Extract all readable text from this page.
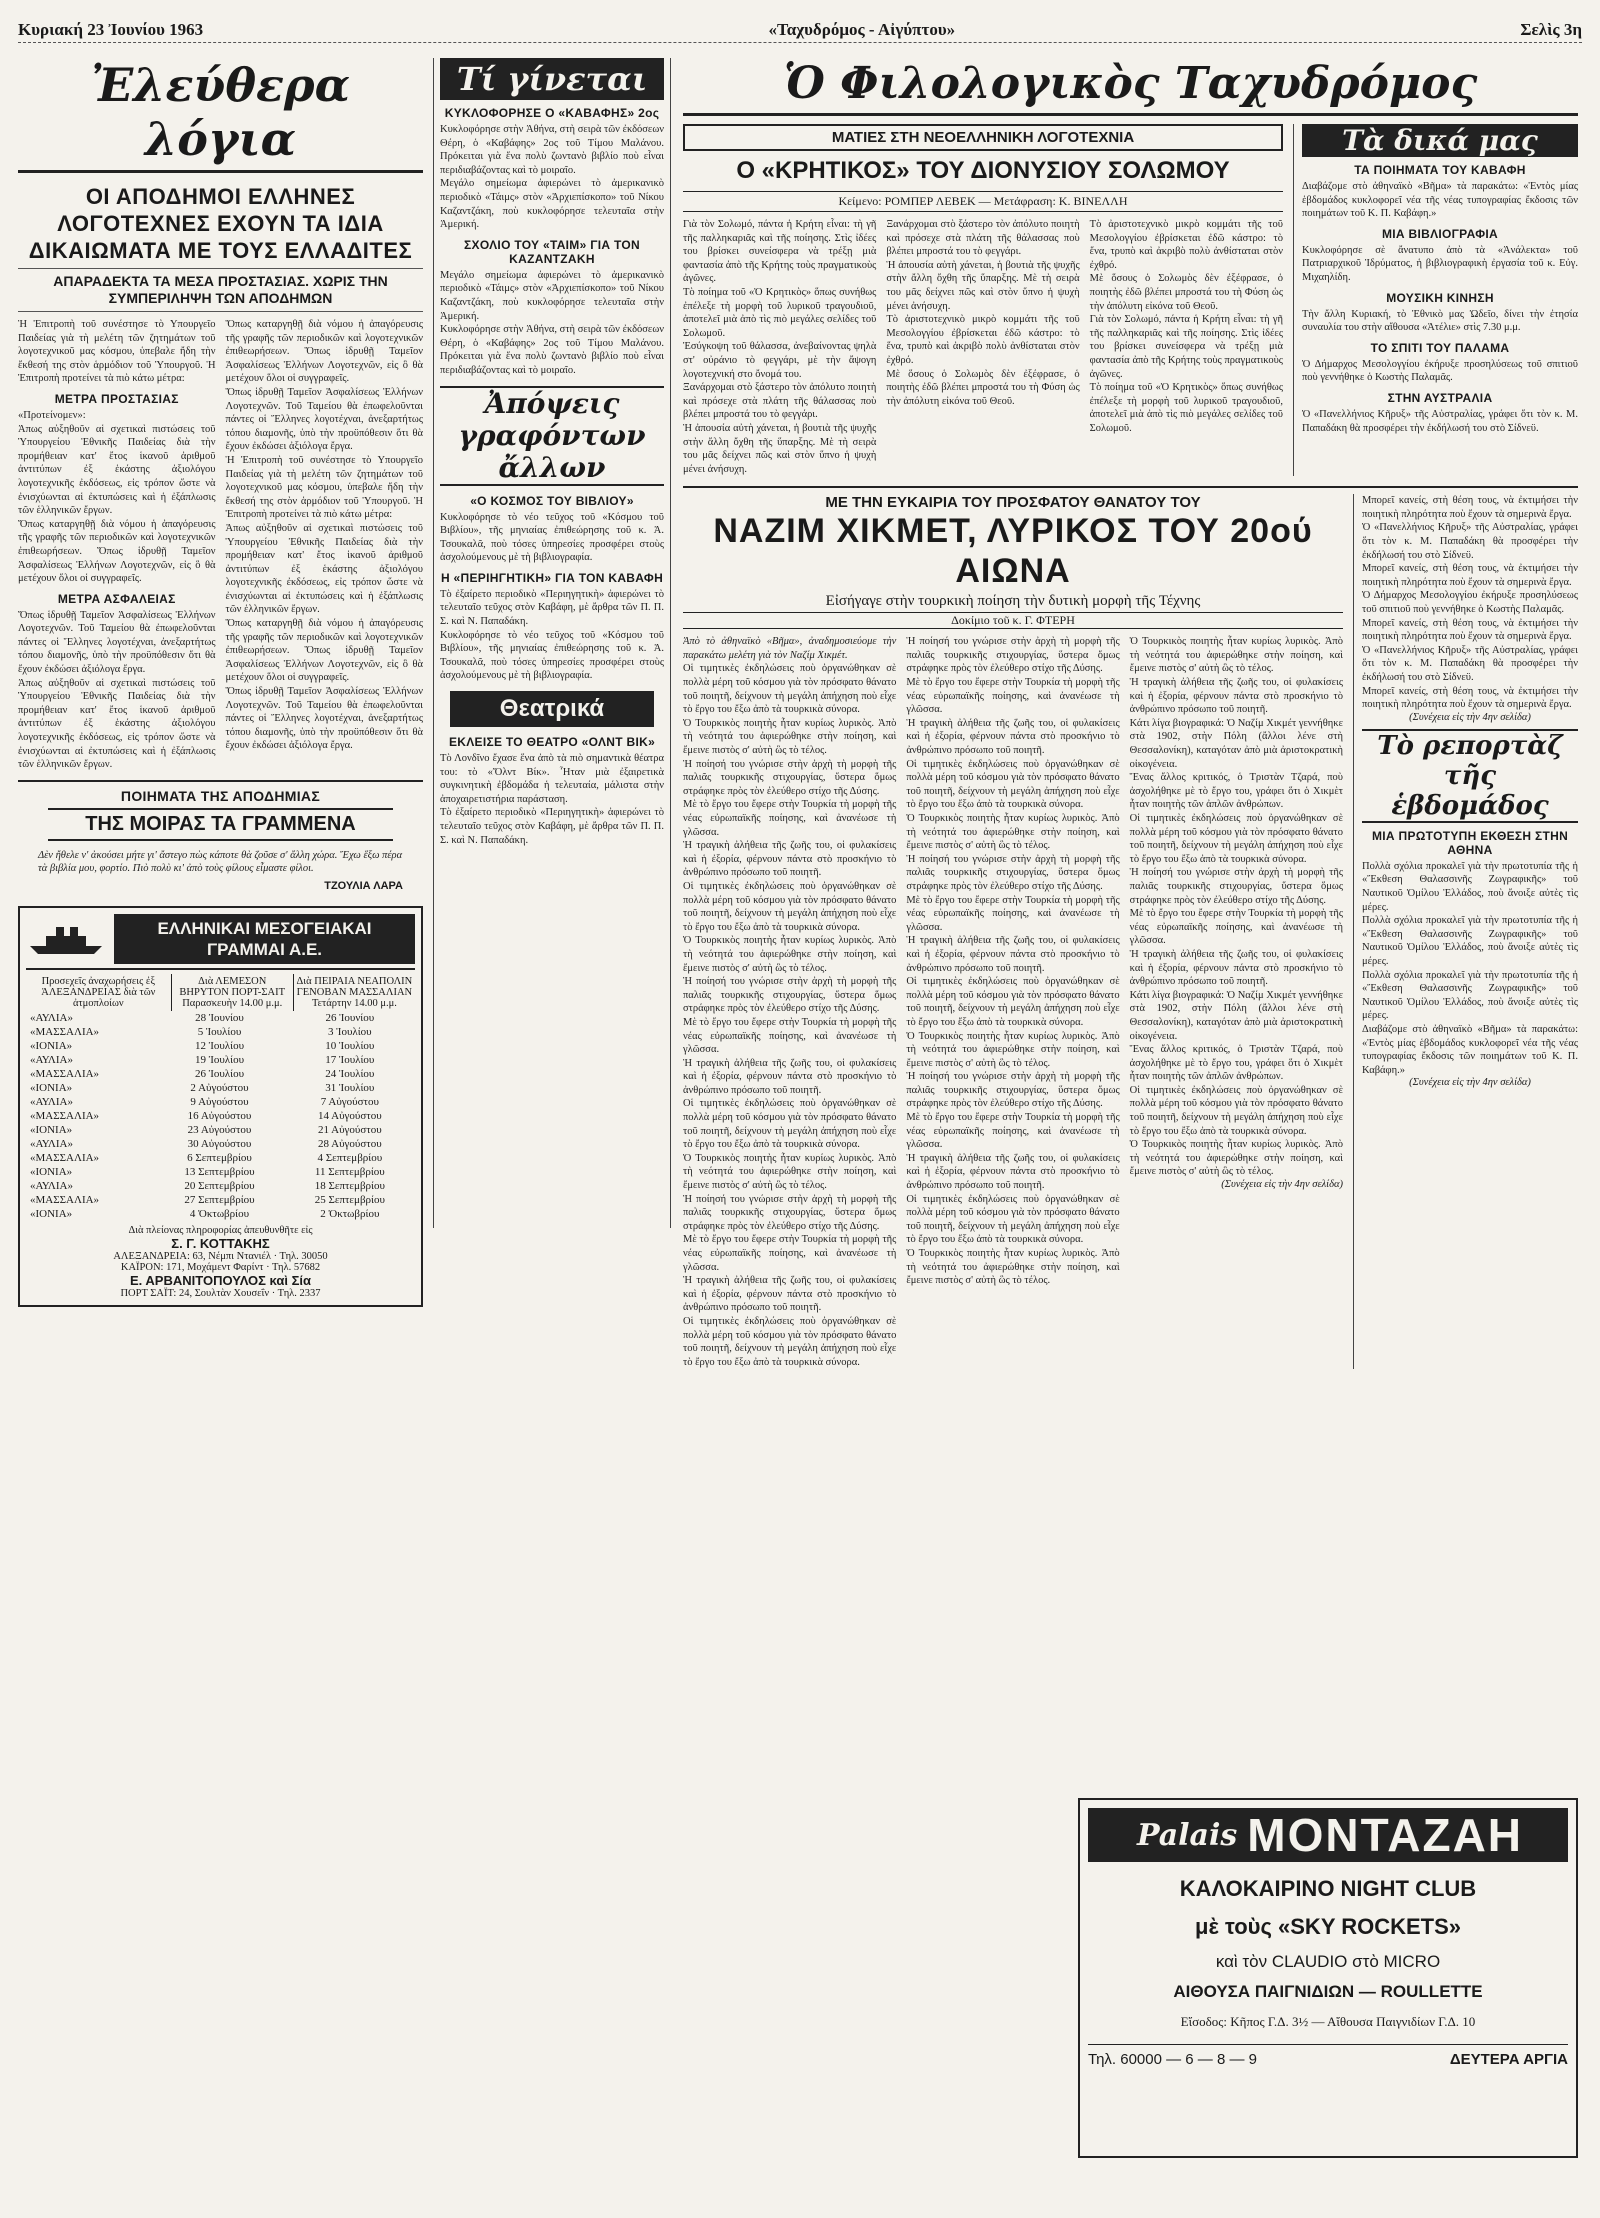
Κυριακή 23 Ἰουνίου 1963	«Ταχυδρόμος - Αἰγύπτου»	Σελὶς 3η
Ἐλεύθερα λόγια
ΟΙ ΑΠΟΔΗΜΟΙ ΕΛΛΗΝΕΣ ΛΟΓΟΤΕΧΝΕΣ ΕΧΟΥΝ ΤΑ ΙΔΙΑ ΔΙΚΑΙΩΜΑΤΑ ΜΕ ΤΟΥΣ ΕΛΛΑΔΙΤΕΣ
ΑΠΑΡΑΔΕΚΤΑ ΤΑ ΜΕΣΑ ΠΡΟΣΤΑΣΙΑΣ. ΧΩΡΙΣ ΤΗΝ ΣΥΜΠΕΡΙΛΗΨΗ ΤΩΝ ΑΠΟΔΗΜΩΝ

Ἡ Ἐπιτροπὴ τοῦ συνέστησε τὸ Υπουργεῖο Παιδείας γιὰ τὴ μελέτη τῶν ζητημάτων τοῦ λογοτεχνικοῦ μας κόσμου, ὑπεβαλε ἤδη τὴν ἔκθεσή της στὸν ἁρμόδιον τοῦ Ὑπουργοῦ. Ἡ Ἐπιτροπὴ προτείνει τὰ πιὸ κάτω μέτρα:

ΜΕΤΡΑ ΠΡΟΣΤΑΣΙΑΣ

«Προτείνομεν»:

Ἀπως αὐξηθοῦν αἱ σχετικαὶ πιστώσεις τοῦ Ὑπουργείου Ἐθνικῆς Παιδείας διὰ τὴν προμήθειαν κατ' ἔτος ἱκανοῦ ἀριθμοῦ ἀντιτύπων ἐξ ἑκάστης ἀξιολόγου λογοτεχνικῆς ἐκδόσεως, εἰς τρόπον ὥστε νὰ ἐνισχύωνται αἱ ἐκτυπώσεις καὶ ἡ ἐξάπλωσις τῶν ἑλληνικῶν ἔργων.

Ὅπως καταργηθῇ διὰ νόμου ἡ ἀπαγόρευσις τῆς γραφῆς τῶν περιοδικῶν καὶ λογοτεχνικῶν ἐπιθεωρήσεων. Ὅπως ἱδρυθῇ Ταμεῖον Ἀσφαλίσεως Ἑλλήνων Λογοτεχνῶν, εἰς ὃ θὰ μετέχουν ὅλοι οἱ συγγραφεῖς.

ΜΕΤΡΑ ΑΣΦΑΛΕΙΑΣ

Ὅπως ἱδρυθῇ Ταμεῖον Ἀσφαλίσεως Ἑλλήνων Λογοτεχνῶν. Τοῦ Ταμείου θὰ ἐπωφελοῦνται πάντες οἱ Ἕλληνες λογοτέχναι, ἀνεξαρτήτως τόπου διαμονῆς, ὑπὸ τὴν προϋπόθεσιν ὅτι θὰ ἔχουν ἐκδώσει ἀξιόλογα ἔργα.

Ἀπως αὐξηθοῦν αἱ σχετικαὶ πιστώσεις τοῦ Ὑπουργείου Ἐθνικῆς Παιδείας διὰ τὴν προμήθειαν κατ' ἔτος ἱκανοῦ ἀριθμοῦ ἀντιτύπων ἐξ ἑκάστης ἀξιολόγου λογοτεχνικῆς ἐκδόσεως, εἰς τρόπον ὥστε νὰ ἐνισχύωνται αἱ ἐκτυπώσεις καὶ ἡ ἐξάπλωσις τῶν ἑλληνικῶν ἔργων.

Ὅπως καταργηθῇ διὰ νόμου ἡ ἀπαγόρευσις τῆς γραφῆς τῶν περιοδικῶν καὶ λογοτεχνικῶν ἐπιθεωρήσεων. Ὅπως ἱδρυθῇ Ταμεῖον Ἀσφαλίσεως Ἑλλήνων Λογοτεχνῶν, εἰς ὃ θὰ μετέχουν ὅλοι οἱ συγγραφεῖς.

Ὅπως ἱδρυθῇ Ταμεῖον Ἀσφαλίσεως Ἑλλήνων Λογοτεχνῶν. Τοῦ Ταμείου θὰ ἐπωφελοῦνται πάντες οἱ Ἕλληνες λογοτέχναι, ἀνεξαρτήτως τόπου διαμονῆς, ὑπὸ τὴν προϋπόθεσιν ὅτι θὰ ἔχουν ἐκδώσει ἀξιόλογα ἔργα.

Ἡ Ἐπιτροπὴ τοῦ συνέστησε τὸ Υπουργεῖο Παιδείας γιὰ τὴ μελέτη τῶν ζητημάτων τοῦ λογοτεχνικοῦ μας κόσμου, ὑπεβαλε ἤδη τὴν ἔκθεσή της στὸν ἁρμόδιον τοῦ Ὑπουργοῦ. Ἡ Ἐπιτροπὴ προτείνει τὰ πιὸ κάτω μέτρα:

Ἀπως αὐξηθοῦν αἱ σχετικαὶ πιστώσεις τοῦ Ὑπουργείου Ἐθνικῆς Παιδείας διὰ τὴν προμήθειαν κατ' ἔτος ἱκανοῦ ἀριθμοῦ ἀντιτύπων ἐξ ἑκάστης ἀξιολόγου λογοτεχνικῆς ἐκδόσεως, εἰς τρόπον ὥστε νὰ ἐνισχύωνται αἱ ἐκτυπώσεις καὶ ἡ ἐξάπλωσις τῶν ἑλληνικῶν ἔργων.

Ὅπως καταργηθῇ διὰ νόμου ἡ ἀπαγόρευσις τῆς γραφῆς τῶν περιοδικῶν καὶ λογοτεχνικῶν ἐπιθεωρήσεων. Ὅπως ἱδρυθῇ Ταμεῖον Ἀσφαλίσεως Ἑλλήνων Λογοτεχνῶν, εἰς ὃ θὰ μετέχουν ὅλοι οἱ συγγραφεῖς.

Ὅπως ἱδρυθῇ Ταμεῖον Ἀσφαλίσεως Ἑλλήνων Λογοτεχνῶν. Τοῦ Ταμείου θὰ ἐπωφελοῦνται πάντες οἱ Ἕλληνες λογοτέχναι, ἀνεξαρτήτως τόπου διαμονῆς, ὑπὸ τὴν προϋπόθεσιν ὅτι θὰ ἔχουν ἐκδώσει ἀξιόλογα ἔργα.

ΠΟΙΗΜΑΤΑ ΤΗΣ ΑΠΟΔΗΜΙΑΣ
ΤΗΣ ΜΟΙΡΑΣ ΤΑ ΓΡΑΜΜΕΝΑ

Δὲν ἤθελε ν' ἀκούσει μήτε γι' ἄστεγο πὼς κάποτε θὰ ζοῦσε σ' ἄλλη χώρα. Ἔχω ἕξω πέρα τὰ βιβλία μου, φορτίο. Πιὸ πολὺ κι' ἀπὸ τοὺς φίλους εἶμαστε φίλοι.

ΤΖΟΥΛΙΑ ΛΑΡΑ
ΕΛΛΗΝΙΚΑΙ ΜΕΣΟΓΕΙΑΚΑΙ ΓΡΑΜΜΑΙ Α.Ε.
Προσεχεῖς ἀναχωρήσεις ἐξ ἈΛΕΞΑΝΔΡΕΙΑΣ διὰ τῶν ἀτμοπλοίων
Διὰ ΛΕΜΕΣΟΝ ΒΗΡΥΤΟΝ ΠΟΡΤ-ΣΑΙΤ Παρασκευὴν 14.00 μ.μ.
Διὰ ΠΕΙΡΑΙΑ ΝΕΑΠΟΛΙΝ ΓΕΝΟΒΑΝ ΜΑΣΣΑΛΙΑΝ Τετάρτην 14.00 μ.μ.
«ΑΥΛΙΑ»	28 Ἰουνίου	26 Ἰουνίου
«ΜΑΣΣΑΛΙΑ»	5 Ἰουλίου	3 Ἰουλίου
«ΙΟΝΙΑ»	12 Ἰουλίου	10 Ἰουλίου
«ΑΥΛΙΑ»	19 Ἰουλίου	17 Ἰουλίου
«ΜΑΣΣΑΛΙΑ»	26 Ἰουλίου	24 Ἰουλίου
«ΙΟΝΙΑ»	2 Αὐγούστου	31 Ἰουλίου
«ΑΥΛΙΑ»	9 Αὐγούστου	7 Αὐγούστου
«ΜΑΣΣΑΛΙΑ»	16 Αὐγούστου	14 Αὐγούστου
«ΙΟΝΙΑ»	23 Αὐγούστου	21 Αὐγούστου
«ΑΥΛΙΑ»	30 Αὐγούστου	28 Αὐγούστου
«ΜΑΣΣΑΛΙΑ»	6 Σεπτεμβρίου	4 Σεπτεμβρίου
«ΙΟΝΙΑ»	13 Σεπτεμβρίου	11 Σεπτεμβρίου
«ΑΥΛΙΑ»	20 Σεπτεμβρίου	18 Σεπτεμβρίου
«ΜΑΣΣΑΛΙΑ»	27 Σεπτεμβρίου	25 Σεπτεμβρίου
«ΙΟΝΙΑ»	4 Ὀκτωβρίου	2 Ὀκτωβρίου
Διὰ πλείονας πληροφορίας ἀπευθυνθῆτε εἰς
Σ. Γ. ΚΟΤΤΑΚΗΣ
ΑΛΕΞΑΝΔΡΕΙΑ: 63, Νέμπι Ντανιέλ · Τηλ. 30050
ΚΑΪΡΟΝ: 171, Μοχάμεντ Φαρίντ · Τηλ. 57682
Ε. ΑΡΒΑΝΙΤΟΠΟΥΛΟΣ καὶ Σία
ΠΟΡΤ ΣΑΪΤ: 24, Σουλτὰν Χουσεΐν · Τηλ. 2337
Τί γίνεται
ΚΥΚΛΟΦΟΡΗΣΕ Ο «ΚΑΒΑΦΗΣ» 2ος

Κυκλοφόρησε στὴν Ἀθήνα, στὴ σειρὰ τῶν ἐκδόσεων Θέρη, ὁ «Καβάφης» 2ος τοῦ Τίμου Μαλάνου. Πρόκειται γιὰ ἕνα πολὺ ζωντανὸ βιβλίο ποὺ εἶναι περιδιαβάζοντας καὶ τὸ μοιραῖο.

Μεγάλο σημείωμα ἀφιερώνει τὸ ἀμερικανικὸ περιοδικὸ «Τάιμς» στὸν «Ἀρχιεπίσκοπο» τοῦ Νίκου Καζαντζάκη, ποὺ κυκλοφόρησε τελευταῖα στὴν Ἀμερική.

ΣΧΟΛΙΟ ΤΟΥ «ΤΑΙΜ» ΓΙΑ ΤΟΝ ΚΑΖΑΝΤΖΑΚΗ

Μεγάλο σημείωμα ἀφιερώνει τὸ ἀμερικανικὸ περιοδικὸ «Τάιμς» στὸν «Ἀρχιεπίσκοπο» τοῦ Νίκου Καζαντζάκη, ποὺ κυκλοφόρησε τελευταῖα στὴν Ἀμερική.

Κυκλοφόρησε στὴν Ἀθήνα, στὴ σειρὰ τῶν ἐκδόσεων Θέρη, ὁ «Καβάφης» 2ος τοῦ Τίμου Μαλάνου. Πρόκειται γιὰ ἕνα πολὺ ζωντανὸ βιβλίο ποὺ εἶναι περιδιαβάζοντας καὶ τὸ μοιραῖο.

Ἀπόψεις γραφόντων ἄλλων
«Ο ΚΟΣΜΟΣ ΤΟΥ ΒΙΒΛΙΟΥ»

Κυκλοφόρησε τὸ νέο τεῦχος τοῦ «Κόσμου τοῦ Βιβλίου», τῆς μηνιαίας ἐπιθεώρησης τοῦ κ. Ἀ. Τσουκαλᾶ, ποὺ τόσες ὑπηρεσίες προσφέρει στοὺς ἀσχολούμενους μὲ τὴ βιβλιογραφία.

Η «ΠΕΡΙΗΓΗΤΙΚΗ» ΓΙΑ ΤΟΝ ΚΑΒΑΦΗ

Τὸ ἐξαίρετο περιοδικὸ «Περιηγητικὴ» ἀφιερώνει τὸ τελευταῖο τεῦχος στὸν Καβάφη, μὲ ἄρθρα τῶν Π. Π. Σ. καὶ Ν. Παπαδάκη.

Κυκλοφόρησε τὸ νέο τεῦχος τοῦ «Κόσμου τοῦ Βιβλίου», τῆς μηνιαίας ἐπιθεώρησης τοῦ κ. Ἀ. Τσουκαλᾶ, ποὺ τόσες ὑπηρεσίες προσφέρει στοὺς ἀσχολούμενους μὲ τὴ βιβλιογραφία.

Θεατρικά
ΕΚΛΕΙΣΕ ΤΟ ΘΕΑΤΡΟ «ΟΛΝΤ ΒΙΚ»

Τὸ Λονδῖνο ἔχασε ἕνα ἀπὸ τὰ πιὸ σημαντικὰ θέατρα του: τὸ «Ὄλντ Βίκ». Ἦταν μιὰ ἐξαιρετικὰ συγκινητικὴ ἐβδομάδα ἡ τελευταία, μάλιστα στὴν ἀποχαιρετιστήρια παράσταση.

Τὸ ἐξαίρετο περιοδικὸ «Περιηγητικὴ» ἀφιερώνει τὸ τελευταῖο τεῦχος στὸν Καβάφη, μὲ ἄρθρα τῶν Π. Π. Σ. καὶ Ν. Παπαδάκη.

Ὁ Φιλολογικὸς Ταχυδρόμος
ΜΑΤΙΕΣ ΣΤΗ ΝΕΟΕΛΛΗΝΙΚΗ ΛΟΓΟΤΕΧΝΙΑ
Ο «ΚΡΗΤΙΚΟΣ» ΤΟΥ ΔΙΟΝΥΣΙΟΥ ΣΟΛΩΜΟΥ
Κείμενο: ΡΟΜΠΕΡ ΛΕΒΕΚ — Μετάφραση: Κ. ΒΙΝΕΛΛΗ

Γιὰ τὸν Σολωμό, πάντα ἡ Κρήτη εἶναι: τὴ γῆ τῆς παλληκαριᾶς καὶ τῆς ποίησης. Στὶς ἰδέες του βρίσκει συνείσφερα νὰ τρέξῃ μιὰ φαντασία ἀπὸ τῆς Κρήτης τοὺς πραγματικοὺς ἀγῶνες.

Τὸ ποίημα τοῦ «Ὁ Κρητικὸς» ὅπως συνήθως ἐπέλεξε τὴ μορφὴ τοῦ λυρικοῦ τραγουδιοῦ, ἀποτελεῖ μιὰ ἀπὸ τὶς πιὸ μεγάλες σελίδες τοῦ Σολωμοῦ.

Ἐσύγκοψη τοῦ θάλασσα, ἀνεβαίνοντας ψηλὰ στ' οὐράνιο τὸ φεγγάρι, μὲ τὴν ἄψογη λογοτεχνική στο ὄνομά του.

Ξανάρχομαι στὸ ξάστερο τὸν ἀπόλυτο ποιητὴ καὶ πρόσεχε στὰ πλάτη τῆς θάλασσας ποὺ βλέπει μπροστά του τὸ φεγγάρι.

Ἡ ἀπουσία αὐτὴ χάνεται, ἡ βουτιὰ τῆς ψυχῆς στὴν ἄλλη ὄχθη τῆς ὕπαρξης. Μὲ τὴ σειρὰ του μᾶς δείχνει πῶς καὶ στὸν ὕπνο ἡ ψυχὴ μένει ἀνήσυχη.

Ξανάρχομαι στὸ ξάστερο τὸν ἀπόλυτο ποιητὴ καὶ πρόσεχε στὰ πλάτη τῆς θάλασσας ποὺ βλέπει μπροστά του τὸ φεγγάρι.

Ἡ ἀπουσία αὐτὴ χάνεται, ἡ βουτιὰ τῆς ψυχῆς στὴν ἄλλη ὄχθη τῆς ὕπαρξης. Μὲ τὴ σειρὰ του μᾶς δείχνει πῶς καὶ στὸν ὕπνο ἡ ψυχὴ μένει ἀνήσυχη.

Τὸ ἀριστοτεχνικὸ μικρὸ κομμάτι τῆς τοῦ Μεσολογγίου ἐβρίσκεται ἐδῶ κάστρο: τὸ ἕνα, τρυπὸ καὶ ἀκριβὸ πολὺ ἀνθίσταται στὸν ἐχθρό.

Μὲ ὅσους ὁ Σολωμὸς δὲν ἐξέφρασε, ὁ ποιητὴς ἐδῶ βλέπει μπροστά του τὴ Φύση ὡς τὴν ἀπόλυτη εἰκόνα τοῦ Θεοῦ.

Τὸ ἀριστοτεχνικὸ μικρὸ κομμάτι τῆς τοῦ Μεσολογγίου ἐβρίσκεται ἐδῶ κάστρο: τὸ ἕνα, τρυπὸ καὶ ἀκριβὸ πολὺ ἀνθίσταται στὸν ἐχθρό.

Μὲ ὅσους ὁ Σολωμὸς δὲν ἐξέφρασε, ὁ ποιητὴς ἐδῶ βλέπει μπροστά του τὴ Φύση ὡς τὴν ἀπόλυτη εἰκόνα τοῦ Θεοῦ.

Γιὰ τὸν Σολωμό, πάντα ἡ Κρήτη εἶναι: τὴ γῆ τῆς παλληκαριᾶς καὶ τῆς ποίησης. Στὶς ἰδέες του βρίσκει συνείσφερα νὰ τρέξῃ μιὰ φαντασία ἀπὸ τῆς Κρήτης τοὺς πραγματικοὺς ἀγῶνες.

Τὸ ποίημα τοῦ «Ὁ Κρητικὸς» ὅπως συνήθως ἐπέλεξε τὴ μορφὴ τοῦ λυρικοῦ τραγουδιοῦ, ἀποτελεῖ μιὰ ἀπὸ τὶς πιὸ μεγάλες σελίδες τοῦ Σολωμοῦ.

Τὰ δικά μας
ΤΑ ΠΟΙΗΜΑΤΑ ΤΟΥ ΚΑΒΑΦΗ

Διαβάζομε στὸ ἀθηναϊκὸ «Βῆμα» τὰ παρακάτω: «Ἐντὸς μίας ἑβδομάδος κυκλοφορεῖ νέα τῆς νέας τυπογραφίας ἔκδοσις τῶν ποιημάτων τοῦ Κ. Π. Καβάφη.»

ΜΙΑ ΒΙΒΛΙΟΓΡΑΦΙΑ

Κυκλοφόρησε σὲ ἄνατυπο ἀπὸ τὰ «Ἀνάλεκτα» τοῦ Πατριαρχικοῦ Ἱδρύματος, ἡ βιβλιογραφικὴ ἐργασία τοῦ κ. Εὐγ. Μιχαηλίδη.

ΜΟΥΣΙΚΗ ΚΙΝΗΣΗ

Τὴν ἄλλη Κυριακή, τὸ Ἐθνικὸ μας Ὠδεῖο, δίνει τὴν ἐτησία συναυλία του στὴν αἴθουσα «Ἀτέλιε» στὶς 7.30 μ.μ.

ΤΟ ΣΠΙΤΙ ΤΟΥ ΠΑΛΑΜΑ

Ὁ Δήμαρχος Μεσολογγίου ἐκήρυξε προσηλύσεως τοῦ σπιτιοῦ ποὺ γεννήθηκε ὁ Κωστὴς Παλαμᾶς.

ΣΤΗΝ ΑΥΣΤΡΑΛΙΑ

Ὁ «Πανελλήνιος Κῆρυξ» τῆς Αὐστραλίας, γράφει ὅτι τὸν κ. Μ. Παπαδάκη θὰ προσφέρει τὴν ἐκδήλωσή του στὸ Σίδνεϋ.

ΜΕ ΤΗΝ ΕΥΚΑΙΡΙΑ ΤΟΥ ΠΡΟΣΦΑΤΟΥ ΘΑΝΑΤΟΥ ΤΟΥ
ΝΑΖΙΜ ΧΙΚΜΕΤ, ΛΥΡΙΚΟΣ ΤΟΥ 20ού ΑΙΩΝΑ
Εἰσήγαγε στὴν τουρκικὴ ποίηση τὴν δυτικὴ μορφὴ τῆς Τέχνης
Δοκίμιο τοῦ κ. Γ. ΦΤΕΡΗ

Ἀπὸ τὸ ἀθηναϊκὸ «Βῆμα», ἀναδημοσιεύομε τὴν παρακάτω μελέτη γιὰ τὸν Ναζίμ Χικμέτ.

Οἱ τιμητικὲς ἐκδηλώσεις ποὺ ὀργανώθηκαν σὲ πολλὰ μέρη τοῦ κόσμου γιὰ τὸν πρόσφατο θάνατο τοῦ ποιητῆ, δείχνουν τὴ μεγάλη ἀπήχηση ποὺ εἶχε τὸ ἔργο του ἔξω ἀπὸ τὰ τουρκικὰ σύνορα.

Ὁ Τουρκικὸς ποιητὴς ἦταν κυρίως λυρικὸς. Ἀπὸ τὴ νεότητά του ἀφιερώθηκε στὴν ποίηση, καὶ ἔμεινε πιστὸς σ' αὐτὴ ὣς τὸ τέλος.

Ἡ ποίησή του γνώρισε στὴν ἀρχὴ τὴ μορφὴ τῆς παλιᾶς τουρκικῆς στιχουργίας, ὕστερα ὅμως στράφηκε πρὸς τὸν ἐλεύθερο στίχο τῆς Δύσης.

Μὲ τὸ ἔργο του ἔφερε στὴν Τουρκία τὴ μορφὴ τῆς νέας εὐρωπαϊκῆς ποίησης, καὶ ἀνανέωσε τὴ γλῶσσα.

Ἡ τραγικὴ ἀλήθεια τῆς ζωῆς του, οἱ φυλακίσεις καὶ ἡ ἐξορία, φέρνουν πάντα στὸ προσκήνιο τὸ ἀνθρώπινο πρόσωπο τοῦ ποιητῆ.

Οἱ τιμητικὲς ἐκδηλώσεις ποὺ ὀργανώθηκαν σὲ πολλὰ μέρη τοῦ κόσμου γιὰ τὸν πρόσφατο θάνατο τοῦ ποιητῆ, δείχνουν τὴ μεγάλη ἀπήχηση ποὺ εἶχε τὸ ἔργο του ἔξω ἀπὸ τὰ τουρκικὰ σύνορα.

Ὁ Τουρκικὸς ποιητὴς ἦταν κυρίως λυρικὸς. Ἀπὸ τὴ νεότητά του ἀφιερώθηκε στὴν ποίηση, καὶ ἔμεινε πιστὸς σ' αὐτὴ ὣς τὸ τέλος.

Ἡ ποίησή του γνώρισε στὴν ἀρχὴ τὴ μορφὴ τῆς παλιᾶς τουρκικῆς στιχουργίας, ὕστερα ὅμως στράφηκε πρὸς τὸν ἐλεύθερο στίχο τῆς Δύσης.

Μὲ τὸ ἔργο του ἔφερε στὴν Τουρκία τὴ μορφὴ τῆς νέας εὐρωπαϊκῆς ποίησης, καὶ ἀνανέωσε τὴ γλῶσσα.

Ἡ τραγικὴ ἀλήθεια τῆς ζωῆς του, οἱ φυλακίσεις καὶ ἡ ἐξορία, φέρνουν πάντα στὸ προσκήνιο τὸ ἀνθρώπινο πρόσωπο τοῦ ποιητῆ.

Οἱ τιμητικὲς ἐκδηλώσεις ποὺ ὀργανώθηκαν σὲ πολλὰ μέρη τοῦ κόσμου γιὰ τὸν πρόσφατο θάνατο τοῦ ποιητῆ, δείχνουν τὴ μεγάλη ἀπήχηση ποὺ εἶχε τὸ ἔργο του ἔξω ἀπὸ τὰ τουρκικὰ σύνορα.

Ὁ Τουρκικὸς ποιητὴς ἦταν κυρίως λυρικὸς. Ἀπὸ τὴ νεότητά του ἀφιερώθηκε στὴν ποίηση, καὶ ἔμεινε πιστὸς σ' αὐτὴ ὣς τὸ τέλος.

Ἡ ποίησή του γνώρισε στὴν ἀρχὴ τὴ μορφὴ τῆς παλιᾶς τουρκικῆς στιχουργίας, ὕστερα ὅμως στράφηκε πρὸς τὸν ἐλεύθερο στίχο τῆς Δύσης.

Μὲ τὸ ἔργο του ἔφερε στὴν Τουρκία τὴ μορφὴ τῆς νέας εὐρωπαϊκῆς ποίησης, καὶ ἀνανέωσε τὴ γλῶσσα.

Ἡ τραγικὴ ἀλήθεια τῆς ζωῆς του, οἱ φυλακίσεις καὶ ἡ ἐξορία, φέρνουν πάντα στὸ προσκήνιο τὸ ἀνθρώπινο πρόσωπο τοῦ ποιητῆ.

Οἱ τιμητικὲς ἐκδηλώσεις ποὺ ὀργανώθηκαν σὲ πολλὰ μέρη τοῦ κόσμου γιὰ τὸν πρόσφατο θάνατο τοῦ ποιητῆ, δείχνουν τὴ μεγάλη ἀπήχηση ποὺ εἶχε τὸ ἔργο του ἔξω ἀπὸ τὰ τουρκικὰ σύνορα.

Ἡ ποίησή του γνώρισε στὴν ἀρχὴ τὴ μορφὴ τῆς παλιᾶς τουρκικῆς στιχουργίας, ὕστερα ὅμως στράφηκε πρὸς τὸν ἐλεύθερο στίχο τῆς Δύσης.

Μὲ τὸ ἔργο του ἔφερε στὴν Τουρκία τὴ μορφὴ τῆς νέας εὐρωπαϊκῆς ποίησης, καὶ ἀνανέωσε τὴ γλῶσσα.

Ἡ τραγικὴ ἀλήθεια τῆς ζωῆς του, οἱ φυλακίσεις καὶ ἡ ἐξορία, φέρνουν πάντα στὸ προσκήνιο τὸ ἀνθρώπινο πρόσωπο τοῦ ποιητῆ.

Οἱ τιμητικὲς ἐκδηλώσεις ποὺ ὀργανώθηκαν σὲ πολλὰ μέρη τοῦ κόσμου γιὰ τὸν πρόσφατο θάνατο τοῦ ποιητῆ, δείχνουν τὴ μεγάλη ἀπήχηση ποὺ εἶχε τὸ ἔργο του ἔξω ἀπὸ τὰ τουρκικὰ σύνορα.

Ὁ Τουρκικὸς ποιητὴς ἦταν κυρίως λυρικὸς. Ἀπὸ τὴ νεότητά του ἀφιερώθηκε στὴν ποίηση, καὶ ἔμεινε πιστὸς σ' αὐτὴ ὣς τὸ τέλος.

Ἡ ποίησή του γνώρισε στὴν ἀρχὴ τὴ μορφὴ τῆς παλιᾶς τουρκικῆς στιχουργίας, ὕστερα ὅμως στράφηκε πρὸς τὸν ἐλεύθερο στίχο τῆς Δύσης.

Μὲ τὸ ἔργο του ἔφερε στὴν Τουρκία τὴ μορφὴ τῆς νέας εὐρωπαϊκῆς ποίησης, καὶ ἀνανέωσε τὴ γλῶσσα.

Ἡ τραγικὴ ἀλήθεια τῆς ζωῆς του, οἱ φυλακίσεις καὶ ἡ ἐξορία, φέρνουν πάντα στὸ προσκήνιο τὸ ἀνθρώπινο πρόσωπο τοῦ ποιητῆ.

Οἱ τιμητικὲς ἐκδηλώσεις ποὺ ὀργανώθηκαν σὲ πολλὰ μέρη τοῦ κόσμου γιὰ τὸν πρόσφατο θάνατο τοῦ ποιητῆ, δείχνουν τὴ μεγάλη ἀπήχηση ποὺ εἶχε τὸ ἔργο του ἔξω ἀπὸ τὰ τουρκικὰ σύνορα.

Ὁ Τουρκικὸς ποιητὴς ἦταν κυρίως λυρικὸς. Ἀπὸ τὴ νεότητά του ἀφιερώθηκε στὴν ποίηση, καὶ ἔμεινε πιστὸς σ' αὐτὴ ὣς τὸ τέλος.

Ἡ ποίησή του γνώρισε στὴν ἀρχὴ τὴ μορφὴ τῆς παλιᾶς τουρκικῆς στιχουργίας, ὕστερα ὅμως στράφηκε πρὸς τὸν ἐλεύθερο στίχο τῆς Δύσης.

Μὲ τὸ ἔργο του ἔφερε στὴν Τουρκία τὴ μορφὴ τῆς νέας εὐρωπαϊκῆς ποίησης, καὶ ἀνανέωσε τὴ γλῶσσα.

Ἡ τραγικὴ ἀλήθεια τῆς ζωῆς του, οἱ φυλακίσεις καὶ ἡ ἐξορία, φέρνουν πάντα στὸ προσκήνιο τὸ ἀνθρώπινο πρόσωπο τοῦ ποιητῆ.

Οἱ τιμητικὲς ἐκδηλώσεις ποὺ ὀργανώθηκαν σὲ πολλὰ μέρη τοῦ κόσμου γιὰ τὸν πρόσφατο θάνατο τοῦ ποιητῆ, δείχνουν τὴ μεγάλη ἀπήχηση ποὺ εἶχε τὸ ἔργο του ἔξω ἀπὸ τὰ τουρκικὰ σύνορα.

Ὁ Τουρκικὸς ποιητὴς ἦταν κυρίως λυρικὸς. Ἀπὸ τὴ νεότητά του ἀφιερώθηκε στὴν ποίηση, καὶ ἔμεινε πιστὸς σ' αὐτὴ ὣς τὸ τέλος.

Ὁ Τουρκικὸς ποιητὴς ἦταν κυρίως λυρικὸς. Ἀπὸ τὴ νεότητά του ἀφιερώθηκε στὴν ποίηση, καὶ ἔμεινε πιστὸς σ' αὐτὴ ὣς τὸ τέλος.

Ἡ τραγικὴ ἀλήθεια τῆς ζωῆς του, οἱ φυλακίσεις καὶ ἡ ἐξορία, φέρνουν πάντα στὸ προσκήνιο τὸ ἀνθρώπινο πρόσωπο τοῦ ποιητῆ.

Κάτι λίγα βιογραφικά: Ὁ Ναζίμ Χικμέτ γεννήθηκε στὰ 1902, στὴν Πόλη (ἄλλοι λένε στὴ Θεσσαλονίκη), καταγόταν ἀπὸ μιὰ ἀριστοκρατικὴ οἰκογένεια.

Ἕνας ἄλλος κριτικός, ὁ Τριστὰν Τζαρά, ποὺ ἀσχολήθηκε μὲ τὸ ἔργο του, γράφει ὅτι ὁ Χικμὲτ ἦταν ποιητὴς τῶν ἀπλῶν ἀνθρώπων.

Οἱ τιμητικὲς ἐκδηλώσεις ποὺ ὀργανώθηκαν σὲ πολλὰ μέρη τοῦ κόσμου γιὰ τὸν πρόσφατο θάνατο τοῦ ποιητῆ, δείχνουν τὴ μεγάλη ἀπήχηση ποὺ εἶχε τὸ ἔργο του ἔξω ἀπὸ τὰ τουρκικὰ σύνορα.

Ἡ ποίησή του γνώρισε στὴν ἀρχὴ τὴ μορφὴ τῆς παλιᾶς τουρκικῆς στιχουργίας, ὕστερα ὅμως στράφηκε πρὸς τὸν ἐλεύθερο στίχο τῆς Δύσης.

Μὲ τὸ ἔργο του ἔφερε στὴν Τουρκία τὴ μορφὴ τῆς νέας εὐρωπαϊκῆς ποίησης, καὶ ἀνανέωσε τὴ γλῶσσα.

Ἡ τραγικὴ ἀλήθεια τῆς ζωῆς του, οἱ φυλακίσεις καὶ ἡ ἐξορία, φέρνουν πάντα στὸ προσκήνιο τὸ ἀνθρώπινο πρόσωπο τοῦ ποιητῆ.

Κάτι λίγα βιογραφικά: Ὁ Ναζίμ Χικμέτ γεννήθηκε στὰ 1902, στὴν Πόλη (ἄλλοι λένε στὴ Θεσσαλονίκη), καταγόταν ἀπὸ μιὰ ἀριστοκρατικὴ οἰκογένεια.

Ἕνας ἄλλος κριτικός, ὁ Τριστὰν Τζαρά, ποὺ ἀσχολήθηκε μὲ τὸ ἔργο του, γράφει ὅτι ὁ Χικμὲτ ἦταν ποιητὴς τῶν ἀπλῶν ἀνθρώπων.

Οἱ τιμητικὲς ἐκδηλώσεις ποὺ ὀργανώθηκαν σὲ πολλὰ μέρη τοῦ κόσμου γιὰ τὸν πρόσφατο θάνατο τοῦ ποιητῆ, δείχνουν τὴ μεγάλη ἀπήχηση ποὺ εἶχε τὸ ἔργο του ἔξω ἀπὸ τὰ τουρκικὰ σύνορα.

Ὁ Τουρκικὸς ποιητὴς ἦταν κυρίως λυρικὸς. Ἀπὸ τὴ νεότητά του ἀφιερώθηκε στὴν ποίηση, καὶ ἔμεινε πιστὸς σ' αὐτὴ ὣς τὸ τέλος.

(Συνέχεια εἰς τὴν 4ην σελίδα)

Μπορεῖ κανείς, στὴ θέση τους, νὰ ἐκτιμήσει τὴν ποιητικὴ πληρότητα ποὺ ἔχουν τὰ σημερινὰ ἔργα.

Ὁ «Πανελλήνιος Κῆρυξ» τῆς Αὐστραλίας, γράφει ὅτι τὸν κ. Μ. Παπαδάκη θὰ προσφέρει τὴν ἐκδήλωσή του στὸ Σίδνεϋ.

Μπορεῖ κανείς, στὴ θέση τους, νὰ ἐκτιμήσει τὴν ποιητικὴ πληρότητα ποὺ ἔχουν τὰ σημερινὰ ἔργα.

Ὁ Δήμαρχος Μεσολογγίου ἐκήρυξε προσηλύσεως τοῦ σπιτιοῦ ποὺ γεννήθηκε ὁ Κωστὴς Παλαμᾶς.

Μπορεῖ κανείς, στὴ θέση τους, νὰ ἐκτιμήσει τὴν ποιητικὴ πληρότητα ποὺ ἔχουν τὰ σημερινὰ ἔργα.

Ὁ «Πανελλήνιος Κῆρυξ» τῆς Αὐστραλίας, γράφει ὅτι τὸν κ. Μ. Παπαδάκη θὰ προσφέρει τὴν ἐκδήλωσή του στὸ Σίδνεϋ.

Μπορεῖ κανείς, στὴ θέση τους, νὰ ἐκτιμήσει τὴν ποιητικὴ πληρότητα ποὺ ἔχουν τὰ σημερινὰ ἔργα.

(Συνέχεια εἰς τὴν 4ην σελίδα)
Τὸ ρεπορτὰζ τῆς ἑβδομάδος
ΜΙΑ ΠΡΩΤΟΤΥΠΗ ΕΚΘΕΣΗ ΣΤΗΝ ΑΘΗΝΑ

Πολλὰ σχόλια προκαλεῖ γιὰ τὴν πρωτοτυπία τῆς ἡ «Ἔκθεση Θαλασσινῆς Ζωγραφικῆς» τοῦ Ναυτικοῦ Ὁμίλου Ἑλλάδος, ποὺ ἄνοιξε αὐτὲς τὶς μέρες.

Πολλὰ σχόλια προκαλεῖ γιὰ τὴν πρωτοτυπία τῆς ἡ «Ἔκθεση Θαλασσινῆς Ζωγραφικῆς» τοῦ Ναυτικοῦ Ὁμίλου Ἑλλάδος, ποὺ ἄνοιξε αὐτὲς τὶς μέρες.

Πολλὰ σχόλια προκαλεῖ γιὰ τὴν πρωτοτυπία τῆς ἡ «Ἔκθεση Θαλασσινῆς Ζωγραφικῆς» τοῦ Ναυτικοῦ Ὁμίλου Ἑλλάδος, ποὺ ἄνοιξε αὐτὲς τὶς μέρες.

Διαβάζομε στὸ ἀθηναϊκὸ «Βῆμα» τὰ παρακάτω: «Ἐντὸς μίας ἑβδομάδος κυκλοφορεῖ νέα τῆς νέας τυπογραφίας ἔκδοσις τῶν ποιημάτων τοῦ Κ. Π. Καβάφη.»

(Συνέχεια εἰς τὴν 4ην σελίδα)
Palais ΜΟΝΤΑΖΑΗ
ΚΑΛΟΚΑΙΡΙΝΟ NIGHT CLUB
μὲ τοὺς «SKY ROCKETS»
καὶ τὸν CLAUDIO στὸ MICRO
ΑΙΘΟΥΣΑ ΠΑΙΓΝΙΔΙΩΝ — ROULLETTE
Εἴσοδος: Κῆπος Γ.Δ. 3½ — Αἴθουσα Παιγνιδίων Γ.Δ. 10
Τηλ. 60000 — 6 — 8 — 9	ΔΕΥΤΕΡΑ ΑΡΓΙΑ
